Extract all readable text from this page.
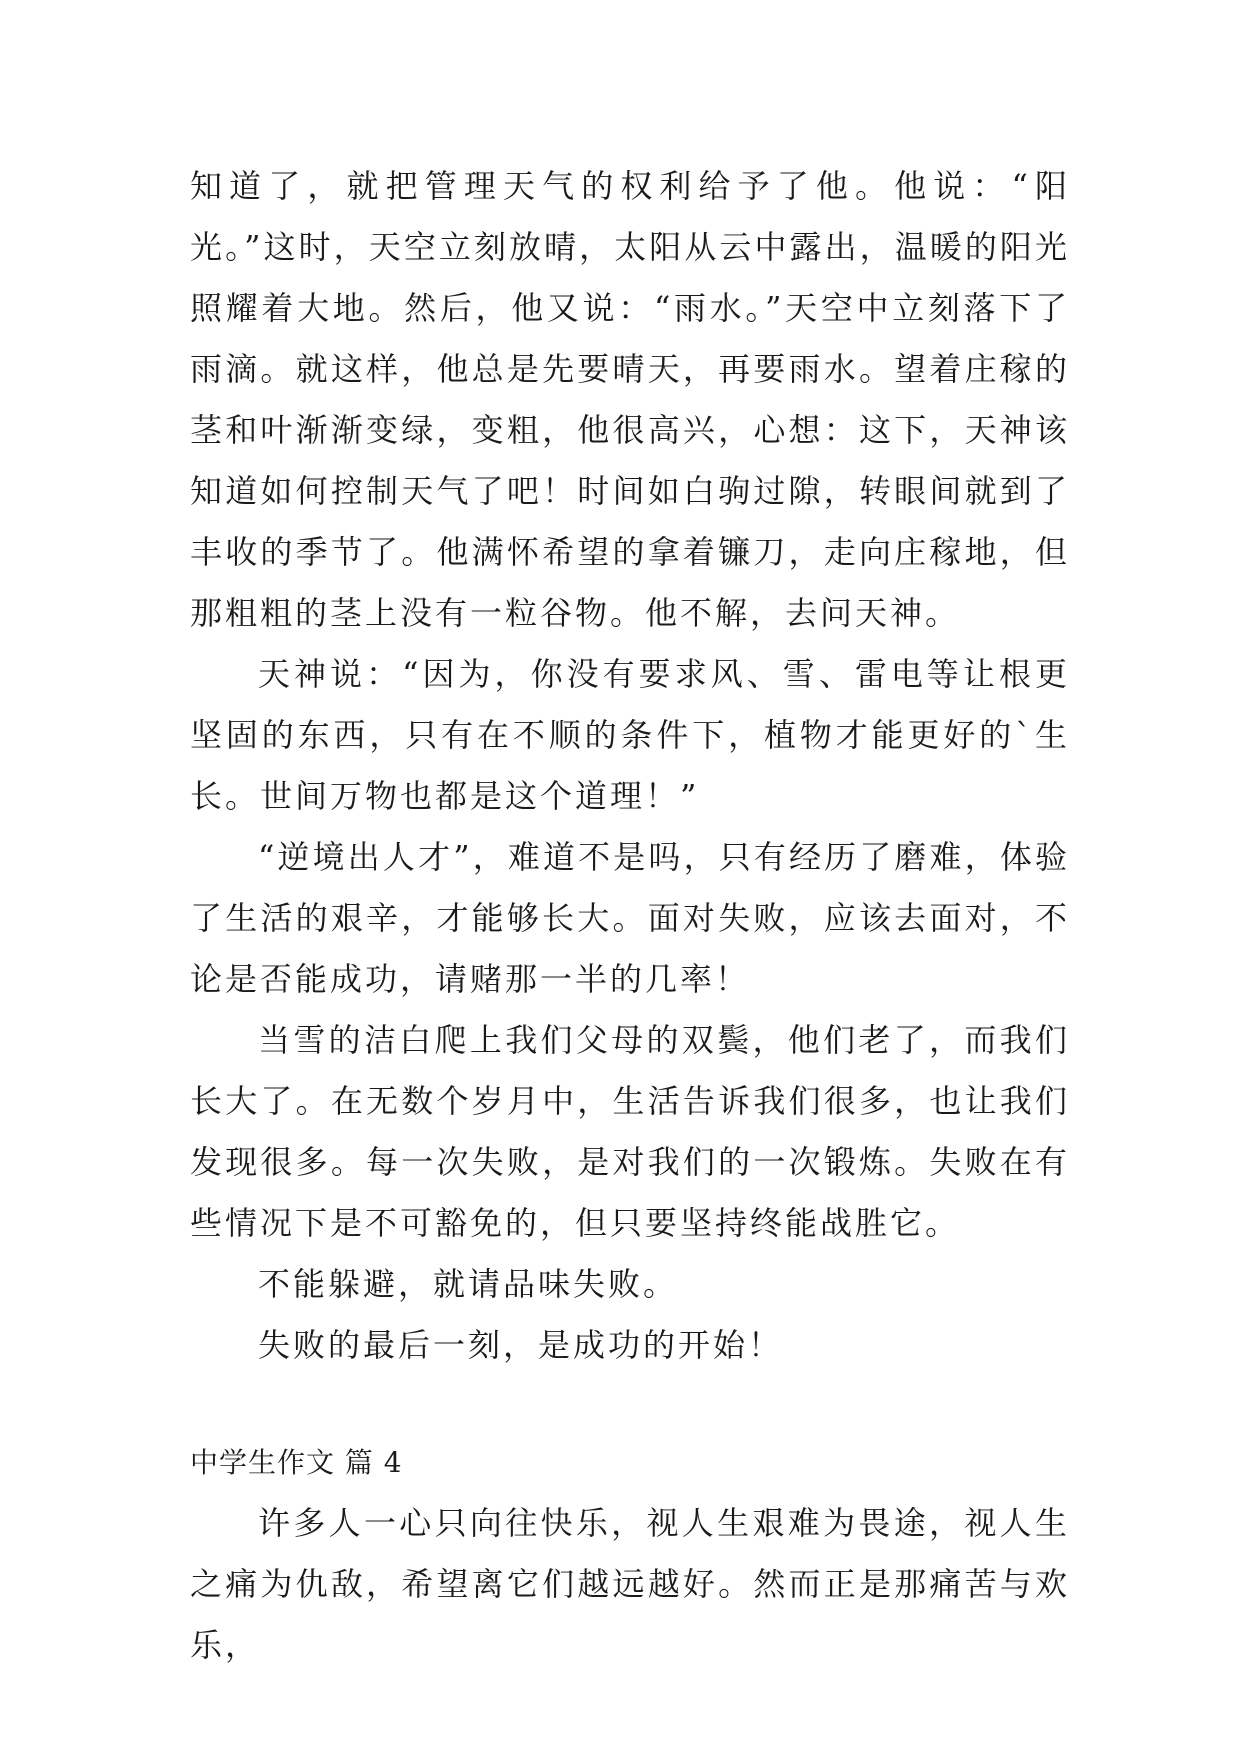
知道了，就把管理天气的权利给予了他。他说：“阳光。”这时，天空立刻放晴，太阳从云中露出，温暖的阳光照耀着大地。然后，他又说：“雨水。”天空中立刻落下了雨滴。就这样，他总是先要晴天，再要雨水。望着庄稼的茎和叶渐渐变绿，变粗，他很高兴，心想：这下，天神该知道如何控制天气了吧！时间如白驹过隙，转眼间就到了丰收的季节了。他满怀希望的拿着镰刀，走向庄稼地，但那粗粗的茎上没有一粒谷物。他不解，去问天神。

天神说：“因为，你没有要求风、雪、雷电等让根更坚固的东西，只有在不顺的条件下，植物才能更好的`生长。世间万物也都是这个道理！”

“逆境出人才”，难道不是吗，只有经历了磨难，体验了生活的艰辛，才能够长大。面对失败，应该去面对，不论是否能成功，请赌那一半的几率！

当雪的洁白爬上我们父母的双鬓，他们老了，而我们长大了。在无数个岁月中，生活告诉我们很多，也让我们发现很多。每一次失败，是对我们的一次锻炼。失败在有些情况下是不可豁免的，但只要坚持终能战胜它。

不能躲避，就请品味失败。

失败的最后一刻，是成功的开始！

中学生作文 篇 4

许多人一心只向往快乐，视人生艰难为畏途，视人生之痛为仇敌，希望离它们越远越好。然而正是那痛苦与欢乐，
